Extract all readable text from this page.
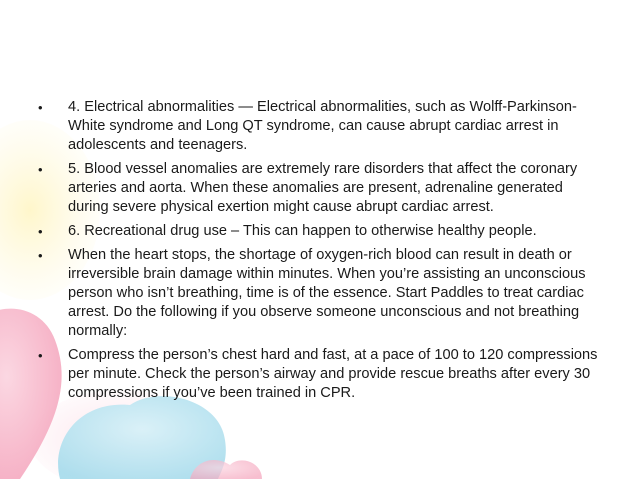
• 4. Electrical abnormalities — Electrical abnormalities, such as Wolff-Parkinson-White syndrome and Long QT syndrome, can cause abrupt cardiac arrest in adolescents and teenagers.
• 5. Blood vessel anomalies are extremely rare disorders that affect the coronary arteries and aorta. When these anomalies are present, adrenaline generated during severe physical exertion might cause abrupt cardiac arrest.
• 6. Recreational drug use – This can happen to otherwise healthy people.
• When the heart stops, the shortage of oxygen-rich blood can result in death or irreversible brain damage within minutes. When you’re assisting an unconscious person who isn’t breathing, time is of the essence. Start Paddles to treat cardiac arrest. Do the following if you observe someone unconscious and not breathing normally:
• Compress the person’s chest hard and fast, at a pace of 100 to 120 compressions per minute. Check the person’s airway and provide rescue breaths after every 30 compressions if you’ve been trained in CPR.
